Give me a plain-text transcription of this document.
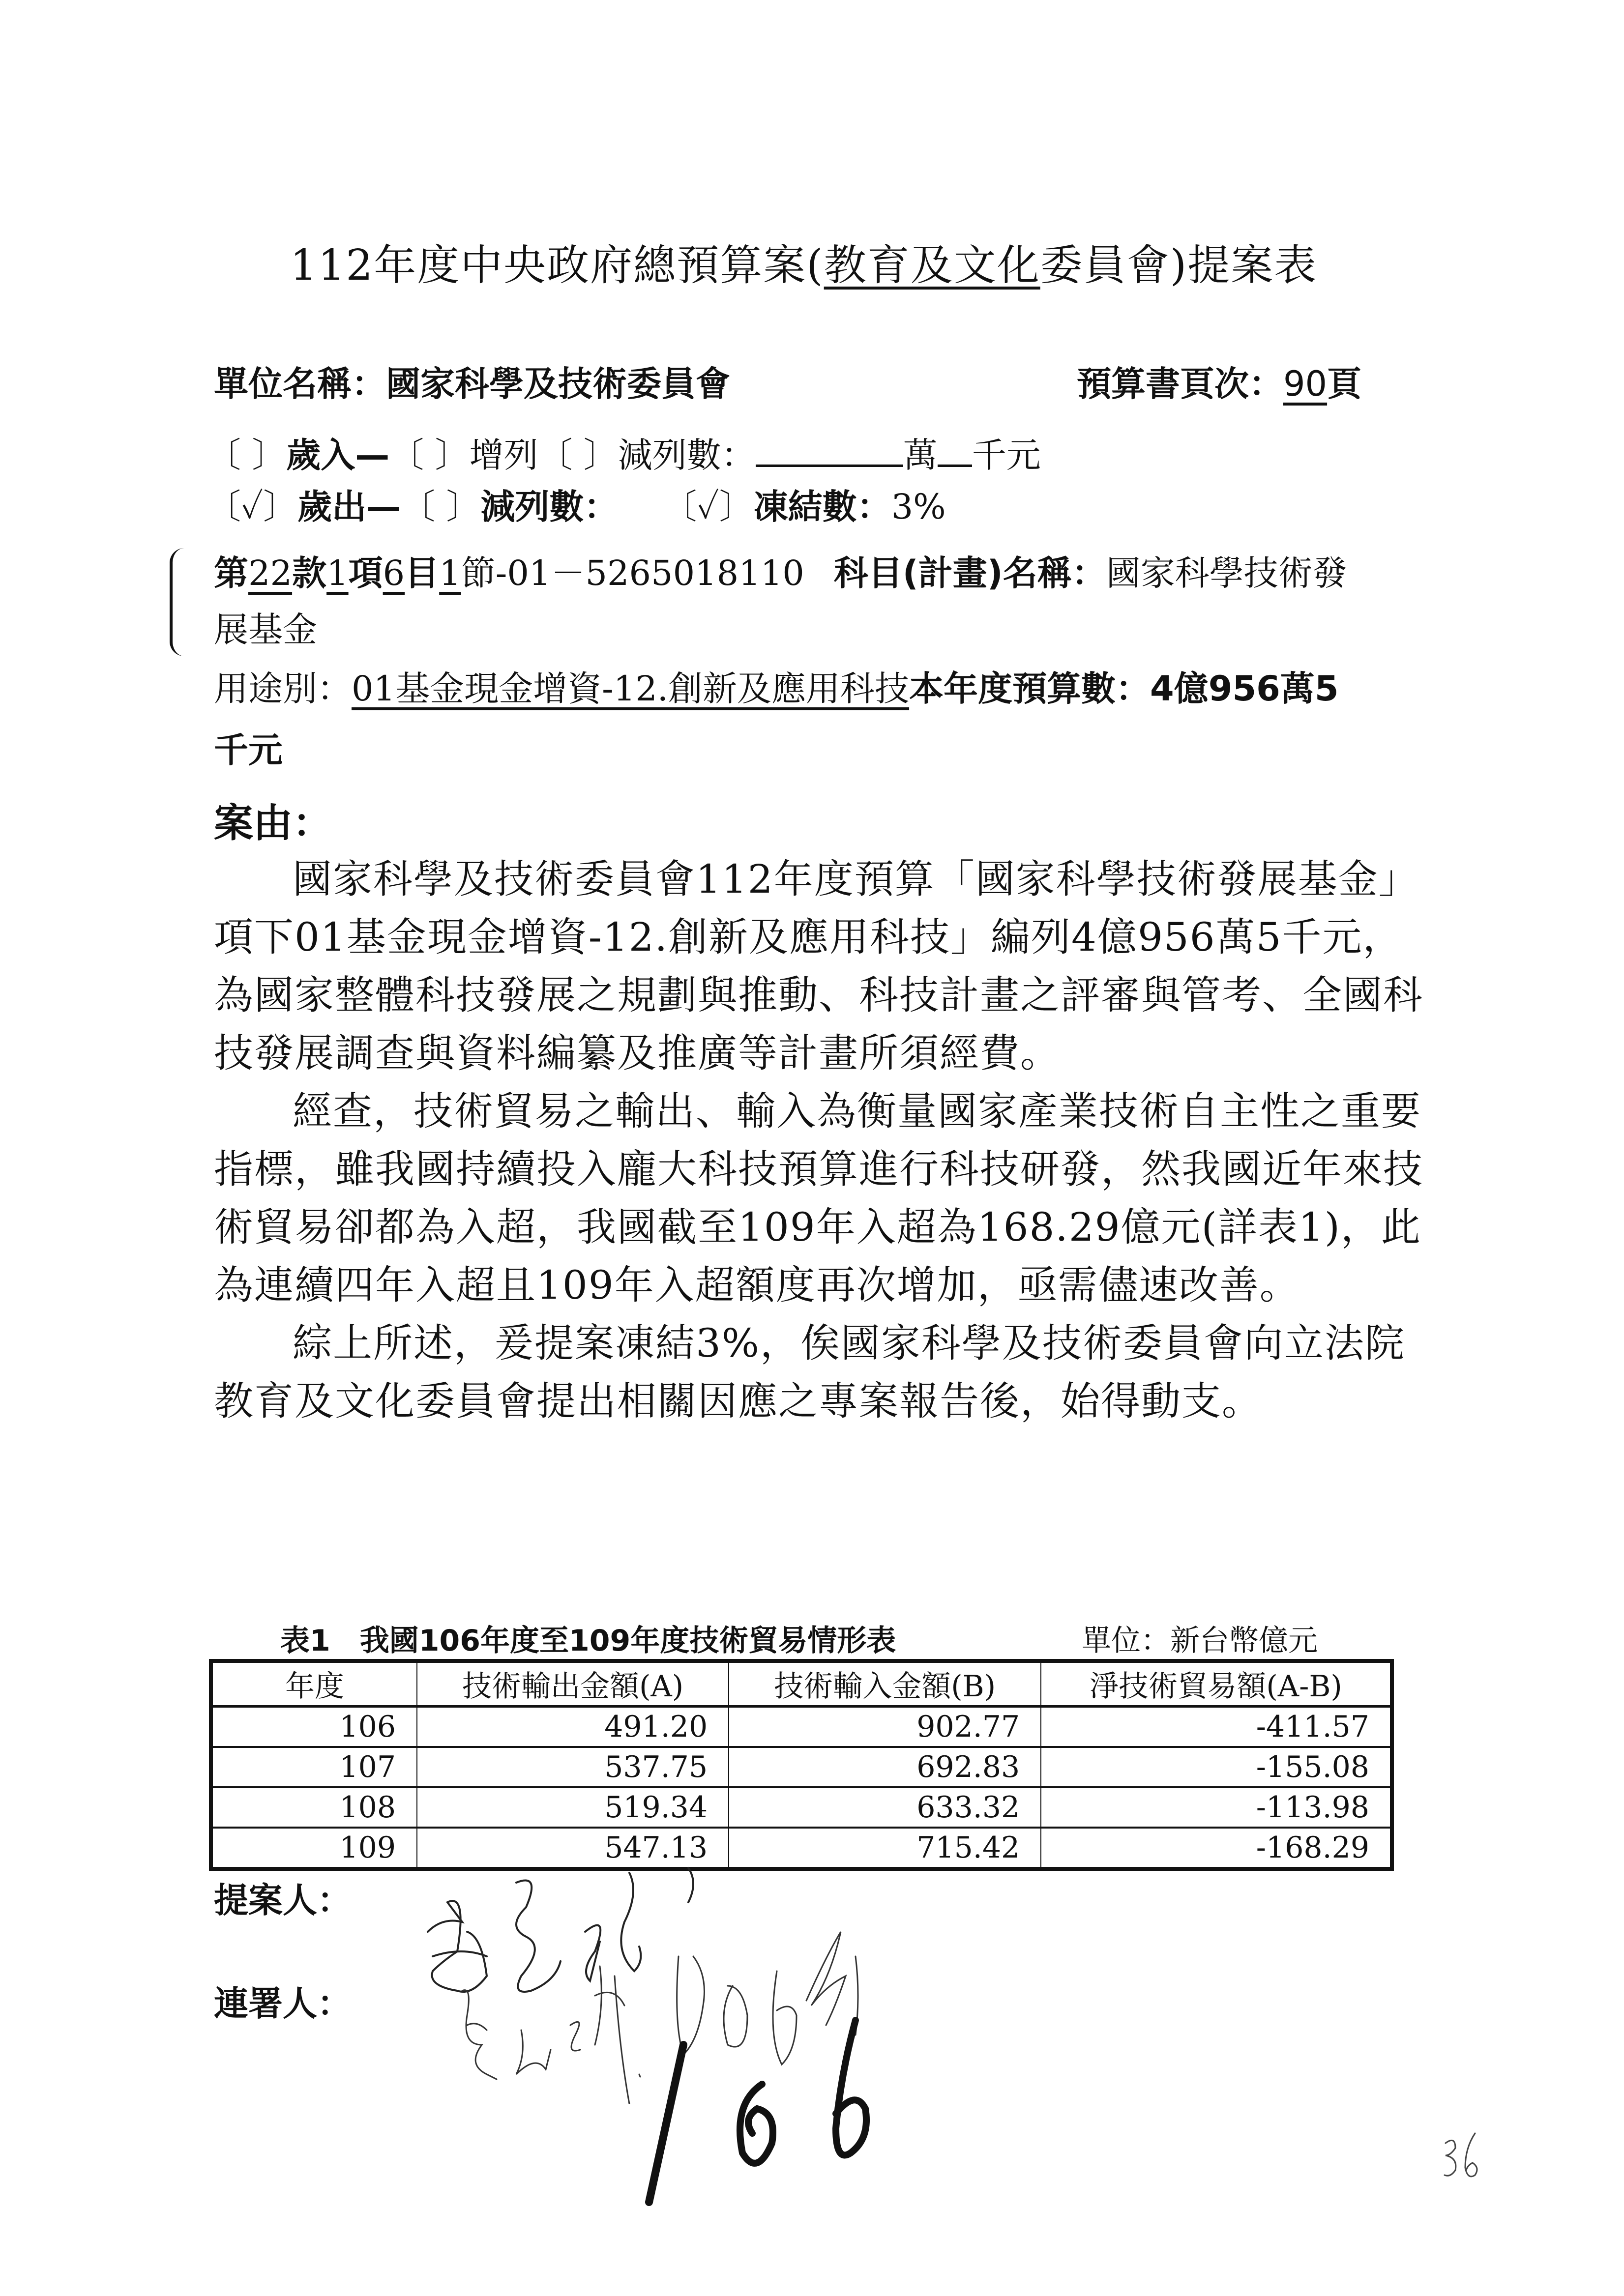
112年度中央政府總預算案(教育及文化委員會)提案表
單位名稱：國家科學及技術委員會	預算書頁次：90頁
〔 〕歲入—〔 〕增列〔 〕減列數：	萬 千元
〔✓〕歲出—〔 〕減列數： 〔✓〕凍結數：3%
第22款1項6目1節-01－5265018110 科目(計畫)名稱：國家科學技術發
展基金
用途別：01基金現金增資-12.創新及應用科技本年度預算數：4億956萬5
千元
案由：

國家科學及技術委員會112年度預算「國家科學技術發展基金」項下01基金現金增資-12.創新及應用科技」編列4億956萬5千元，為國家整體科技發展之規劃與推動、科技計畫之評審與管考、全國科技發展調查與資料編纂及推廣等計畫所須經費。

經查，技術貿易之輸出、輸入為衡量國家產業技術自主性之重要指標，雖我國持續投入龐大科技預算進行科技研發，然我國近年來技術貿易卻都為入超，我國截至109年入超為168.29億元(詳表1)，此為連續四年入超且109年入超額度再次增加，亟需儘速改善。

綜上所述，爰提案凍結3%，俟國家科學及技術委員會向立法院教育及文化委員會提出相關因應之專案報告後，始得動支。

表1　我國106年度至109年度技術貿易情形表	單位：新台幣億元
年度	技術輸出金額(A)	技術輸入金額(B)	淨技術貿易額(A-B)
106	491.20	902.77	-411.57
107	537.75	692.83	-155.08
108	519.34	633.32	-113.98
109	547.13	715.42	-168.29
提案人：
連署人：
